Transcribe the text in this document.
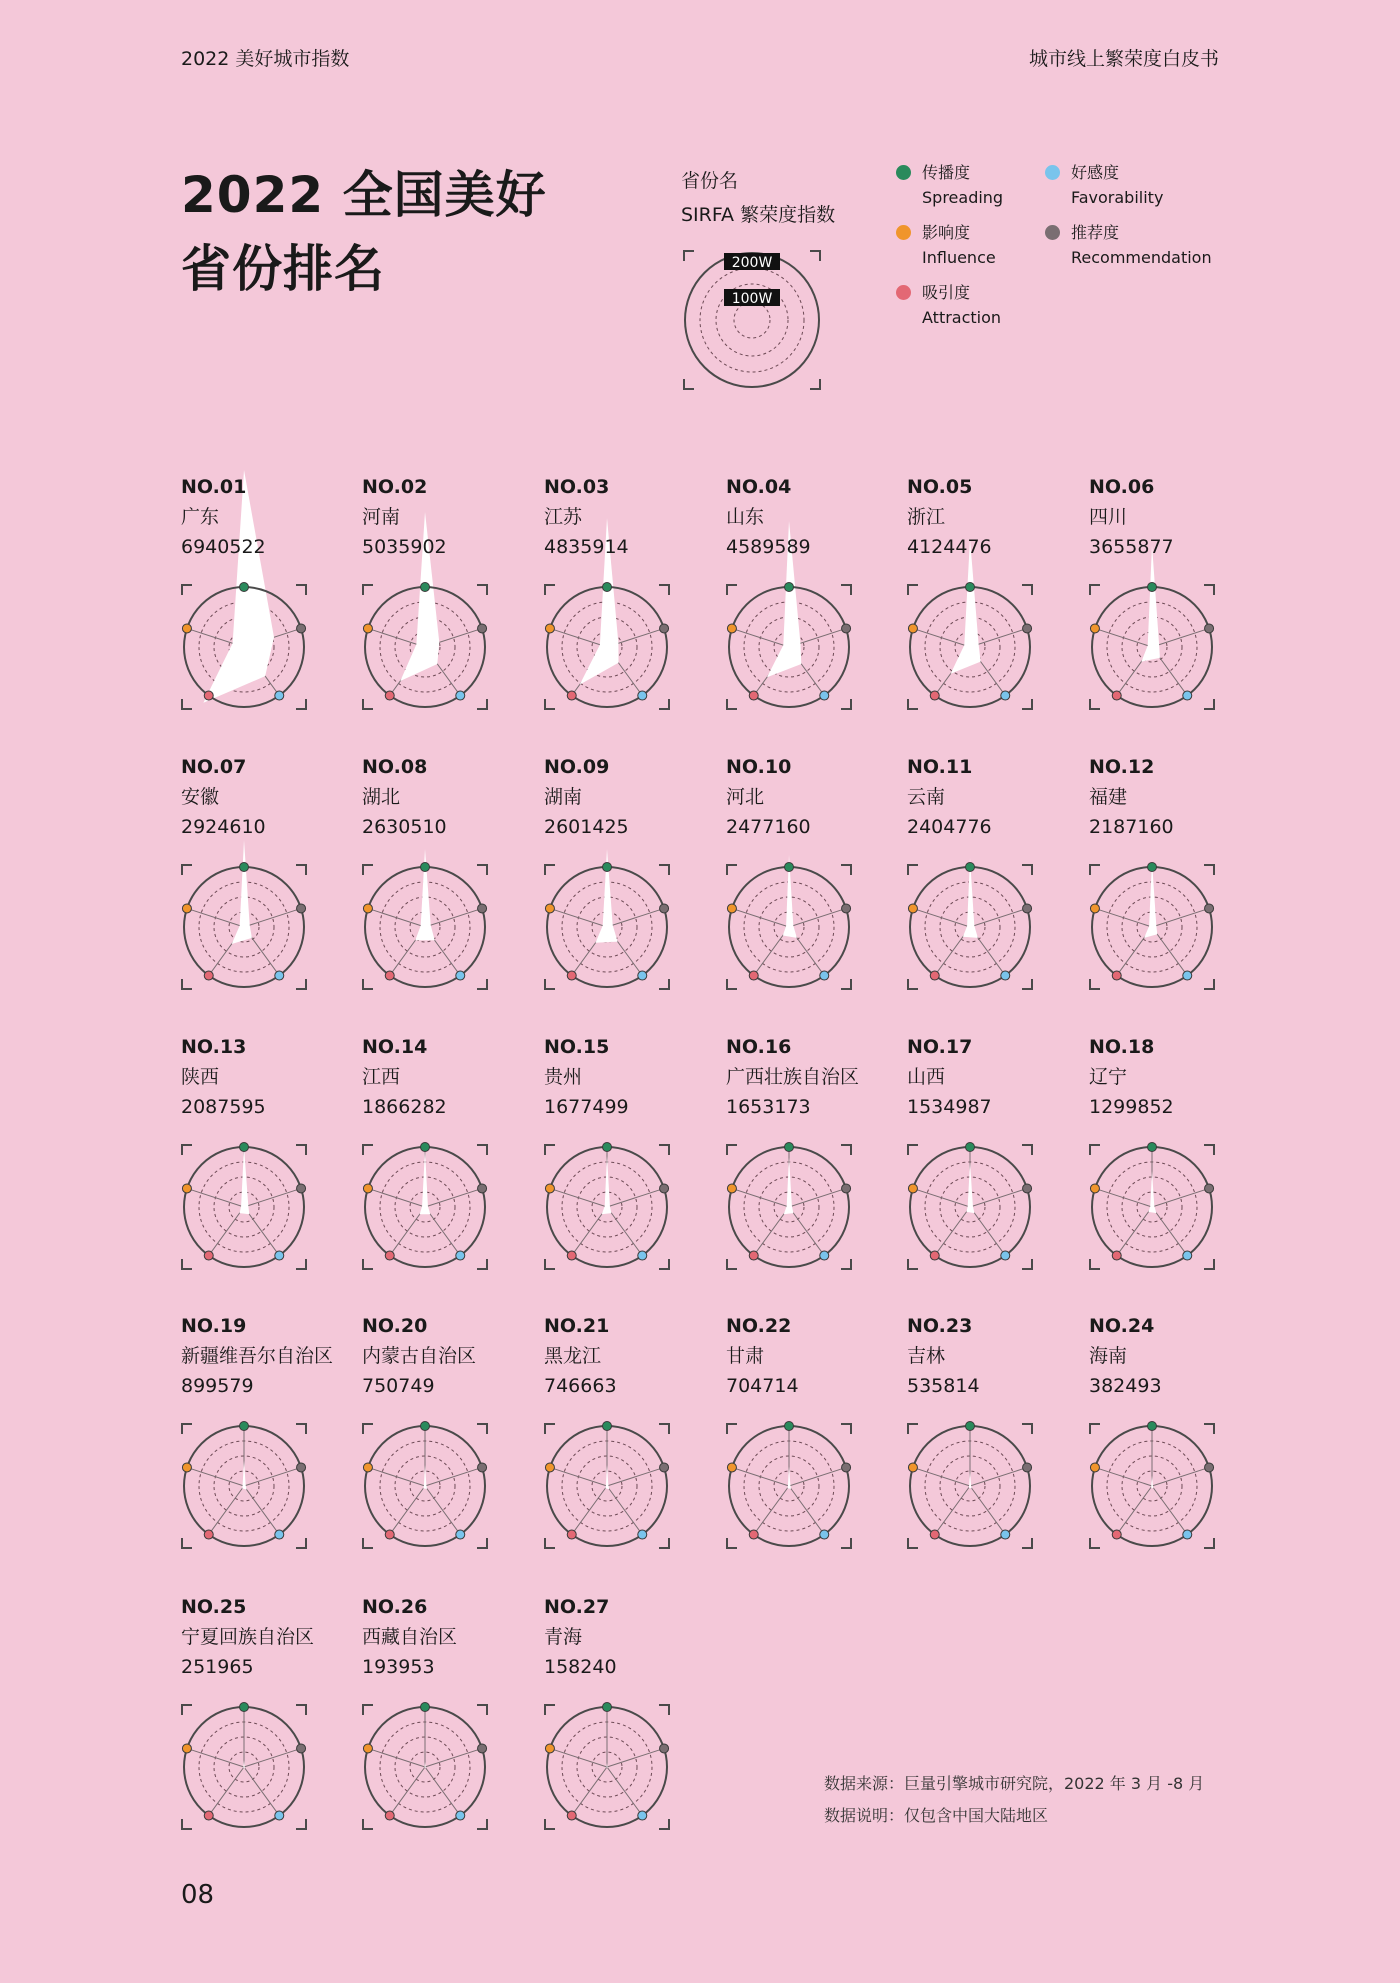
2022 美好城市指数	城市线上繁荣度白皮书
2022 全国美好
省份排名
省份名
SIRFA 繁荣度指数
200W
100W
传播度
Spreading
好感度
Favorability
影响度
Influence
推荐度
Recommendation
吸引度
Attraction
NO.01
广东
6940522
NO.02
河南
5035902
NO.03
江苏
4835914
NO.04
山东
4589589
NO.05
浙江
4124476
NO.06
四川
3655877
NO.07
安徽
2924610
NO.08
湖北
2630510
NO.09
湖南
2601425
NO.10
河北
2477160
NO.11
云南
2404776
NO.12
福建
2187160
NO.13
陕西
2087595
NO.14
江西
1866282
NO.15
贵州
1677499
NO.16
广西壮族自治区
1653173
NO.17
山西
1534987
NO.18
辽宁
1299852
NO.19
新疆维吾尔自治区
899579
NO.20
内蒙古自治区
750749
NO.21
黑龙江
746663
NO.22
甘肃
704714
NO.23
吉林
535814
NO.24
海南
382493
NO.25
宁夏回族自治区
251965
NO.26
西藏自治区
193953
NO.27
青海
158240
数据来源：巨量引擎城市研究院，2022 年 3 月 -8 月
数据说明：仅包含中国大陆地区
08
